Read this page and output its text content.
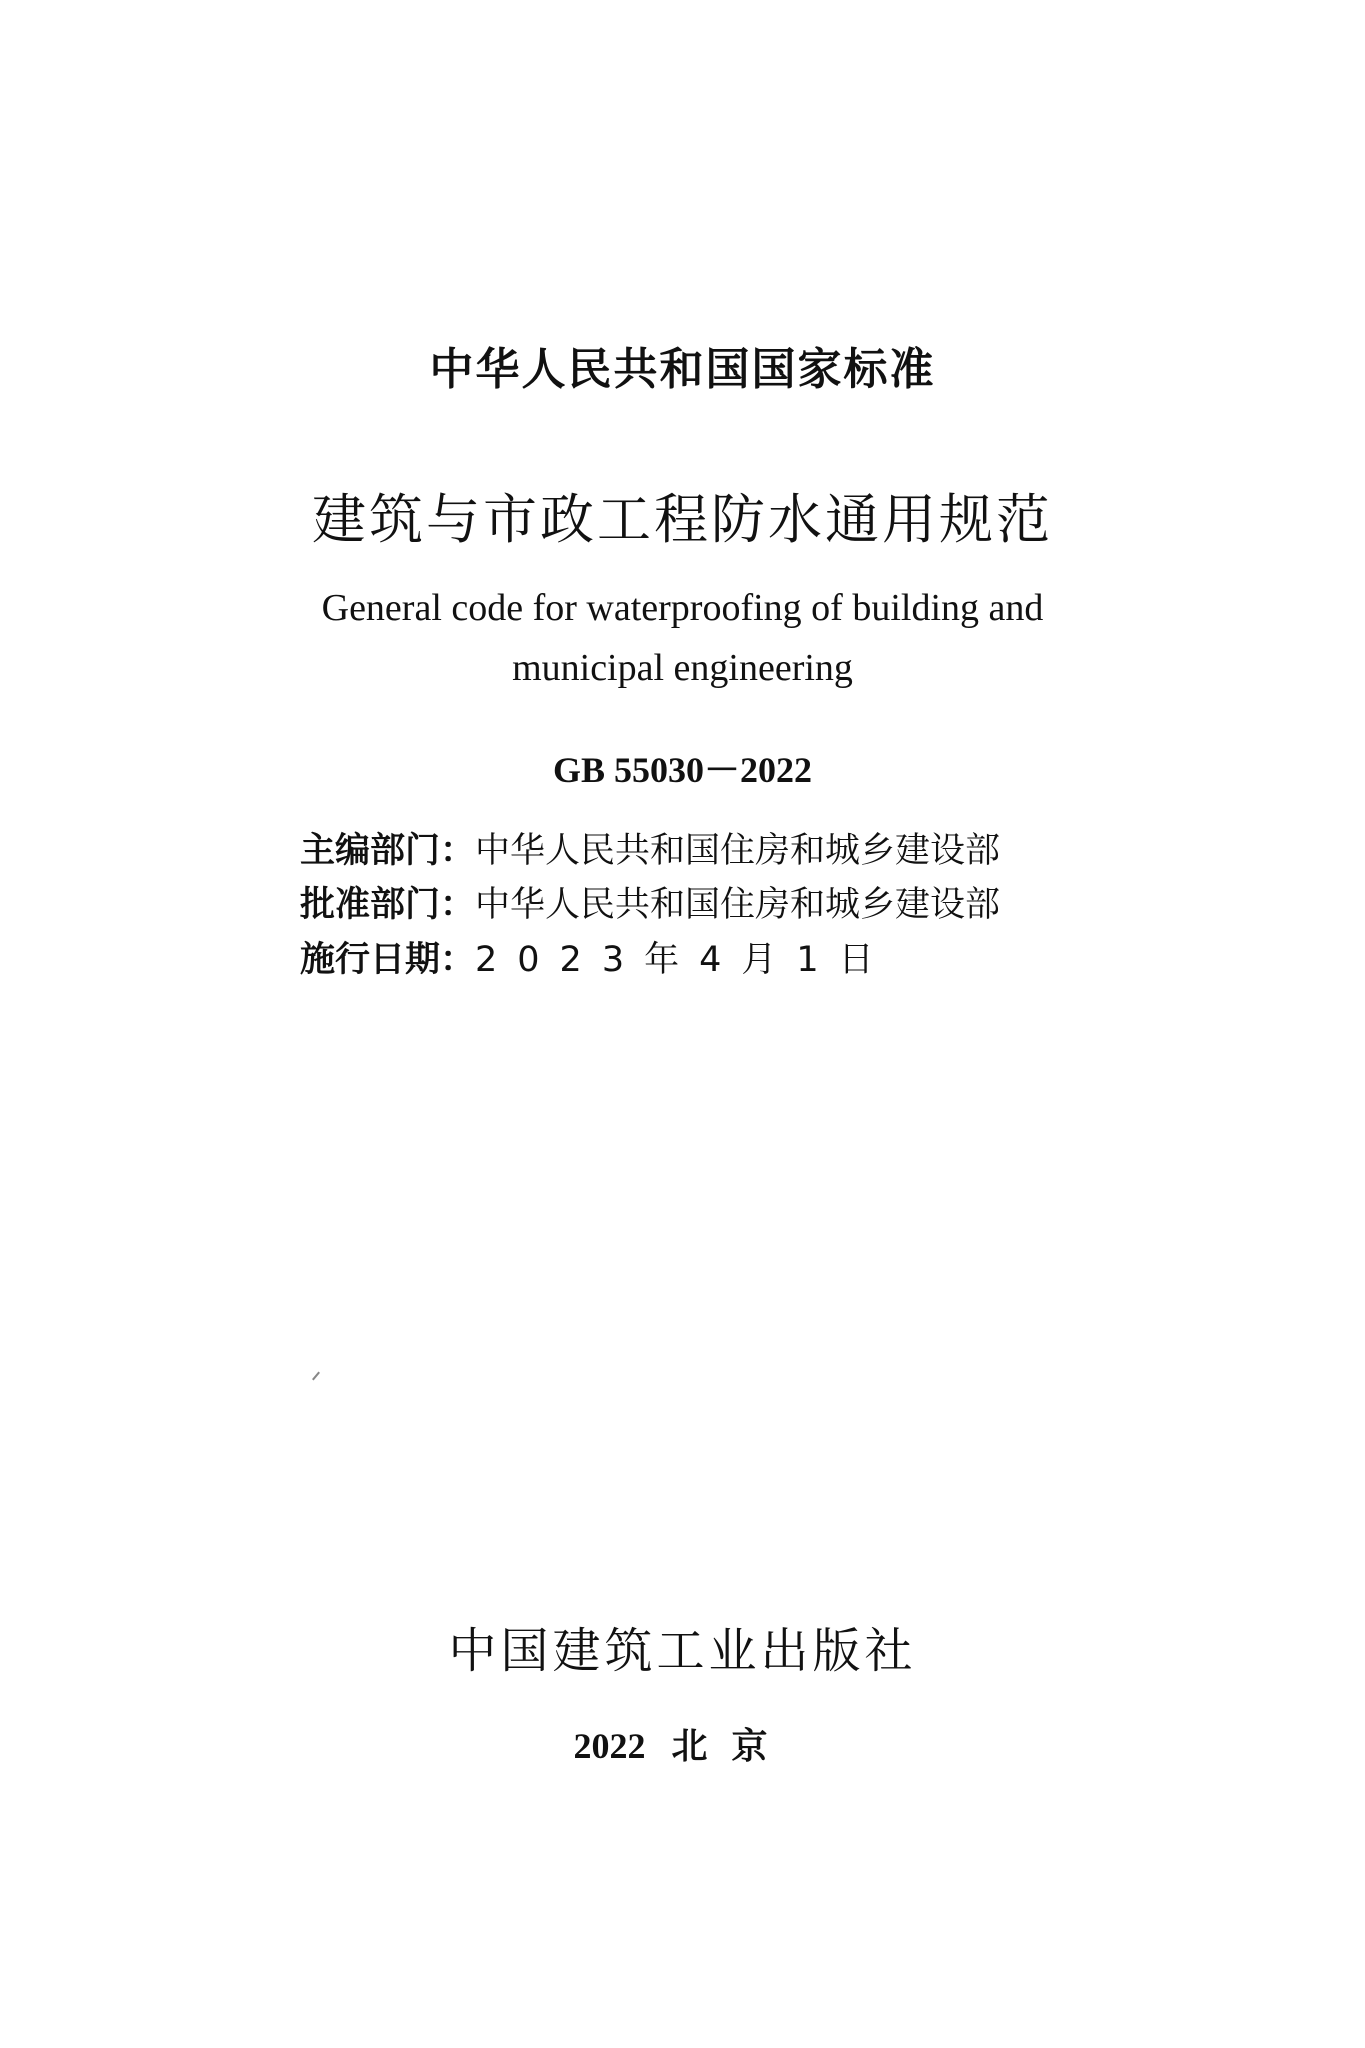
中华人民共和国国家标准
建筑与市政工程防水通用规范
General code for waterproofing of building and
municipal engineering
GB 55030－2022
主编部门：中华人民共和国住房和城乡建设部
批准部门：中华人民共和国住房和城乡建设部
施行日期：2023年4月1日
中国建筑工业出版社
2022 北京
